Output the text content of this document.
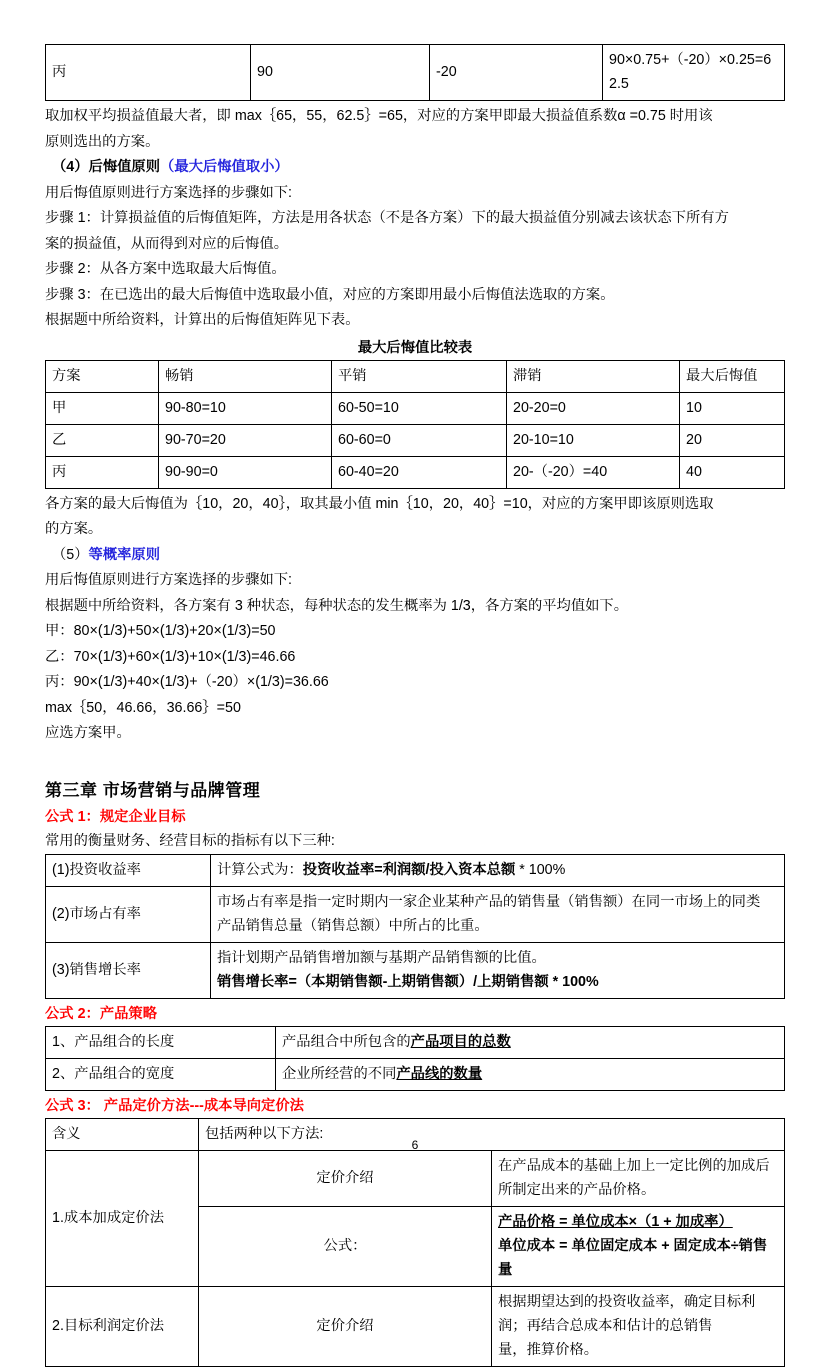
丙	90	-20	90×0.75+（-20）×0.25=62.5
取加权平均损益值最大者，即 max｛65，55，62.5｝=65，对应的方案甲即最大损益值系数α =0.75 时用该
原则选出的方案。
（4）后悔值原则（最大后悔值取小）
用后悔值原则进行方案选择的步骤如下:
步骤 1：计算损益值的后悔值矩阵，方法是用各状态（不是各方案）下的最大损益值分别减去该状态下所有方
案的损益值，从而得到对应的后悔值。
步骤 2：从各方案中选取最大后悔值。
步骤 3：在已选出的最大后悔值中选取最小值，对应的方案即用最小后悔值法选取的方案。
根据题中所给资料，计算出的后悔值矩阵见下表。
最大后悔值比较表
方案	畅销	平销	滞销	最大后悔值
甲	90-80=10	60-50=10	20-20=0	10
乙	90-70=20	60-60=0	20-10=10	20
丙	90-90=0	60-40=20	20-（-20）=40	40
各方案的最大后悔值为｛10，20，40｝，取其最小值 min｛10，20，40｝=10，对应的方案甲即该原则选取
的方案。
（5）等概率原则
用后悔值原则进行方案选择的步骤如下:
根据题中所给资料，各方案有 3 种状态，每种状态的发生概率为 1/3，各方案的平均值如下。
甲：80×(1/3)+50×(1/3)+20×(1/3)=50
乙：70×(1/3)+60×(1/3)+10×(1/3)=46.66
丙：90×(1/3)+40×(1/3)+（-20）×(1/3)=36.66
max｛50，46.66，36.66｝=50
应选方案甲。
第三章 市场营销与品牌管理
公式 1：规定企业目标
常用的衡量财务、经营目标的指标有以下三种:
(1)投资收益率	计算公式为：投资收益率=利润额/投入资本总额 * 100%
(2)市场占有率	市场占有率是指一定时期内一家企业某种产品的销售量（销售额）在同一市场上的同类
产品销售总量（销售总额）中所占的比重。

(3)销售增长率	指计划期产品销售增加额与基期产品销售额的比值。
销售增长率=（本期销售额-上期销售额）/上期销售额 * 100%
公式 2：产品策略
1、产品组合的长度	产品组合中所包含的产品项目的总数
2、产品组合的宽度	企业所经营的不同产品线的数量
公式 3： 产品定价方法---成本导向定价法
含义	包括两种以下方法:	
1.成本加成定价法	定价介绍	在产品成本的基础上加上一定比例的加成后所制定出来的产品价格。
	公式：	产品价格 = 单位成本×（1 + 加成率）
单位成本 = 单位固定成本 + 固定成本÷销售量

2.目标利润定价法	定价介绍	根据期望达到的投资收益率，确定目标利润；再结合总成本和估计的总销售
量，推算价格。
6
